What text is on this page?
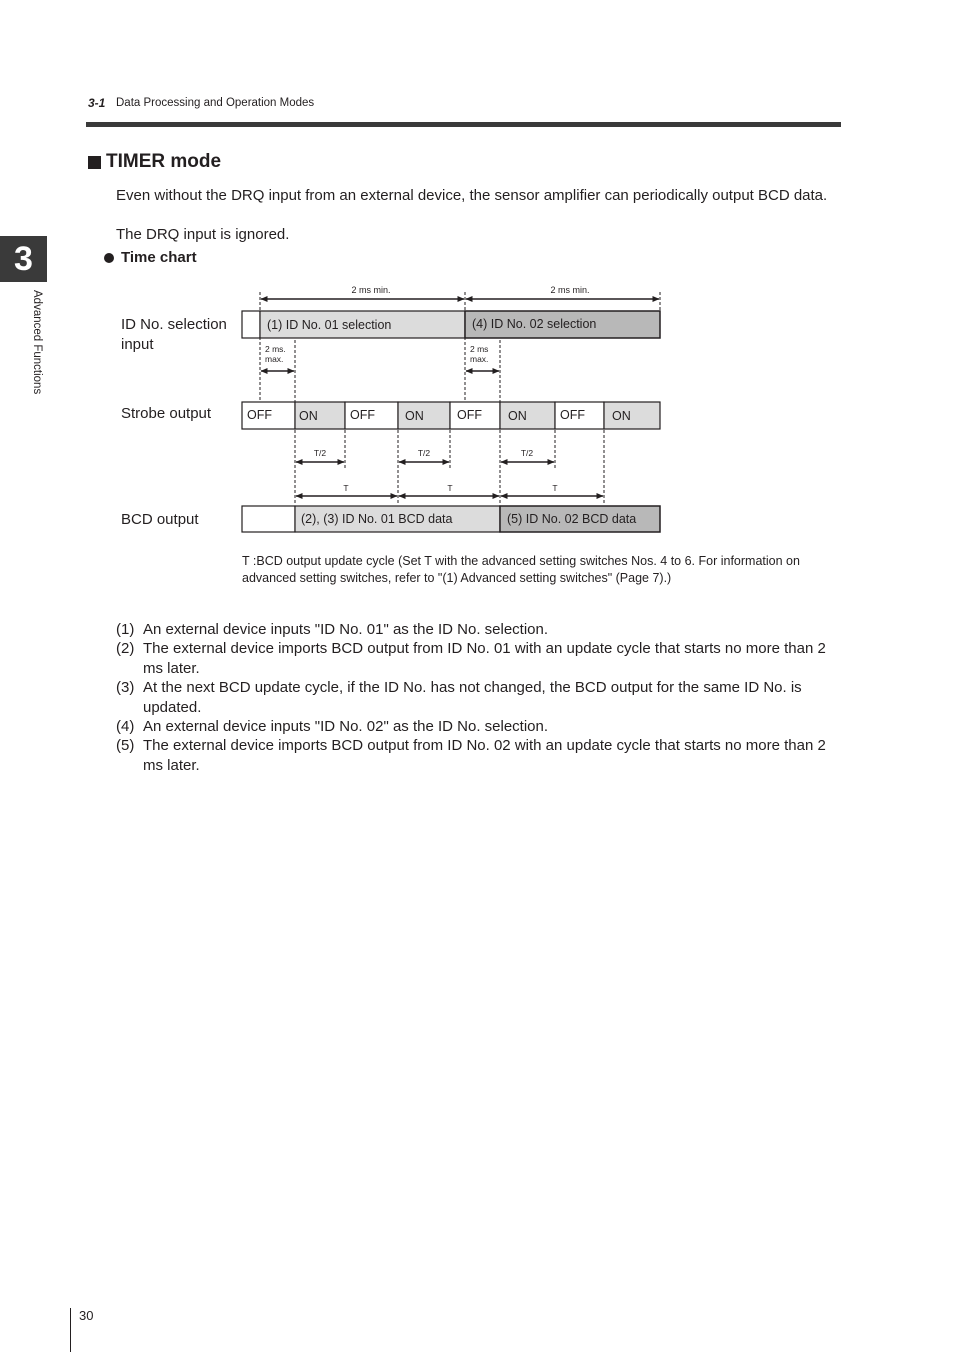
3-1 Data Processing and Operation Modes
3
Advanced Functions
TIMER mode
Even without the DRQ input from an external device, the sensor amplifier can periodically output BCD data.
The DRQ input is ignored.
Time chart
ID No. selection
input
Strobe output
BCD output
2 ms min.	2 ms min.
(1) ID No. 01 selection	(4) ID No. 02 selection
2 ms.
max.
2 ms
max.
OFF ON	OFF ON	OFF ON	OFF ON
T/2	T/2	T/2
T	T	T
(2), (3) ID No. 01 BCD data	(5) ID No. 02 BCD data
T :BCD output update cycle (Set T with the advanced setting switches Nos. 4 to 6. For information on advanced setting switches, refer to "(1) Advanced setting switches" (Page 7).)
(1) An external device inputs "ID No. 01" as the ID No. selection.
(2) The external device imports BCD output from ID No. 01 with an update cycle that starts no more than 2 ms later.
(3) At the next BCD update cycle, if the ID No. has not changed, the BCD output for the same ID No. is updated.
(4) An external device inputs "ID No. 02" as the ID No. selection.
(5) The external device imports BCD output from ID No. 02 with an update cycle that starts no more than 2 ms later.
30
